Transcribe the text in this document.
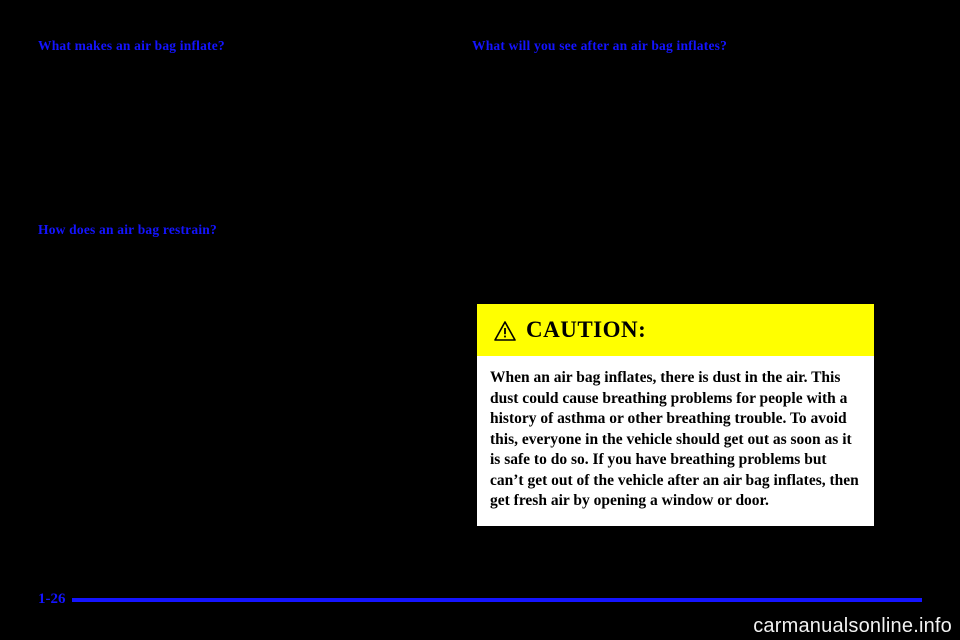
What makes an air bag inflate?
How does an air bag restrain?
What will you see after an air bag inflates?
CAUTION:

When an air bag inflates, there is dust in the air. This dust could cause breathing problems for people with a history of asthma or other breathing trouble. To avoid this, everyone in the vehicle should get out as soon as it is safe to do so. If you have breathing problems but can’t get out of the vehicle after an air bag inflates, then get fresh air by opening a window or door.

1-26
carmanualsonline.info
